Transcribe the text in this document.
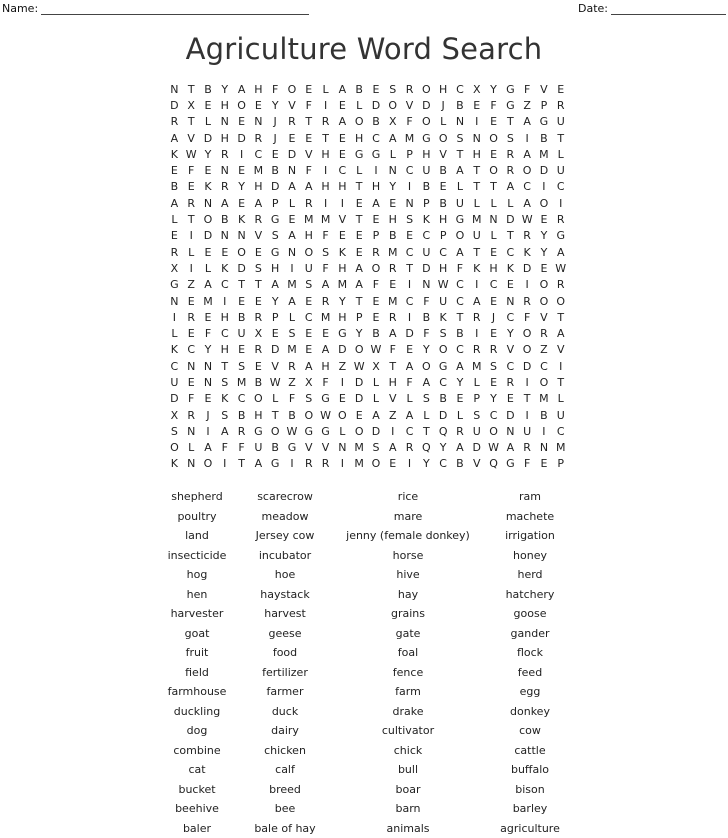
Name:	Date:
Agriculture Word Search
N T B Y A H F O E L A B E S R O H C X Y G F V E
D X E H O E Y V F	I	E L D O V D J	B E F G Z P R
R T L N E N	J	R T R A O B X F O L N	I	E T A G U
A V D H D R	J	E E T E H C A M G O S N O S	I	B T
K W Y R	I	C E D V H E G G L P H V T H E R A M L
E F E N E M B N F	I	C L	I	N C U B A T O R O D U
B E K R Y H D A A H H T H Y	I	B E L T T A C	I	C
A R N A E A P L R	I	I	E A E N P B U L L L A O I
L T O B K R G E M M V T E H S K H G M N D W E R
E	I D N N V S A H F E E P B E C P O U L T R Y G
R L E E O E G N O S K E R M C U C A T E C K Y A
X	I	L K D S H	I	U F H A O R T D H F K H K D E W
G Z A C T T A M S A M A F E	I	N W C	I	C E	I O R
N E M I	E E Y A E R Y T E M C F U C A E N R O O
I	R E H B R P L C M H P E R	I	B K T R	J	C F V T
L E F C U X E S E E G Y B A D F S B	I	E Y O R A
K C Y H E R D M E A D O W F E Y O C R R V O Z V
C N N T S E V R A H Z W X T A O G A M S C D C	I
U E N S M B W Z X F	I D L H F A C Y L E R	I O T
D F E K C O L F S G E D L V L S B E P Y E T M L
X R	J	S B H T B O W O E A Z A L D L S C D I	B U
S N	I	A R G O W G G L O D I	C T Q R U O N U	I	C
O L A F F U B G V V N M S A R Q Y A D W A R N M
K N O I	T A G I	R R	I M O E	I	Y C B V Q G F E P
shepherd	scarecrow	rice	ram
poultry	meadow	mare	machete
land	Jersey cow	jenny (female donkey)	irrigation
insecticide	incubator	horse	honey
hog	hoe	hive	herd
hen	haystack	hay	hatchery
harvester	harvest	grains	goose
goat	geese	gate	gander
fruit	food	foal	flock
field	fertilizer	fence	feed
farmhouse	farmer	farm	egg
duckling	duck	drake	donkey
dog	dairy	cultivator	cow
combine	chicken	chick	cattle
cat	calf	bull	buffalo
bucket	breed	boar	bison
beehive	bee	barn	barley
baler	bale of hay	animals	agriculture
